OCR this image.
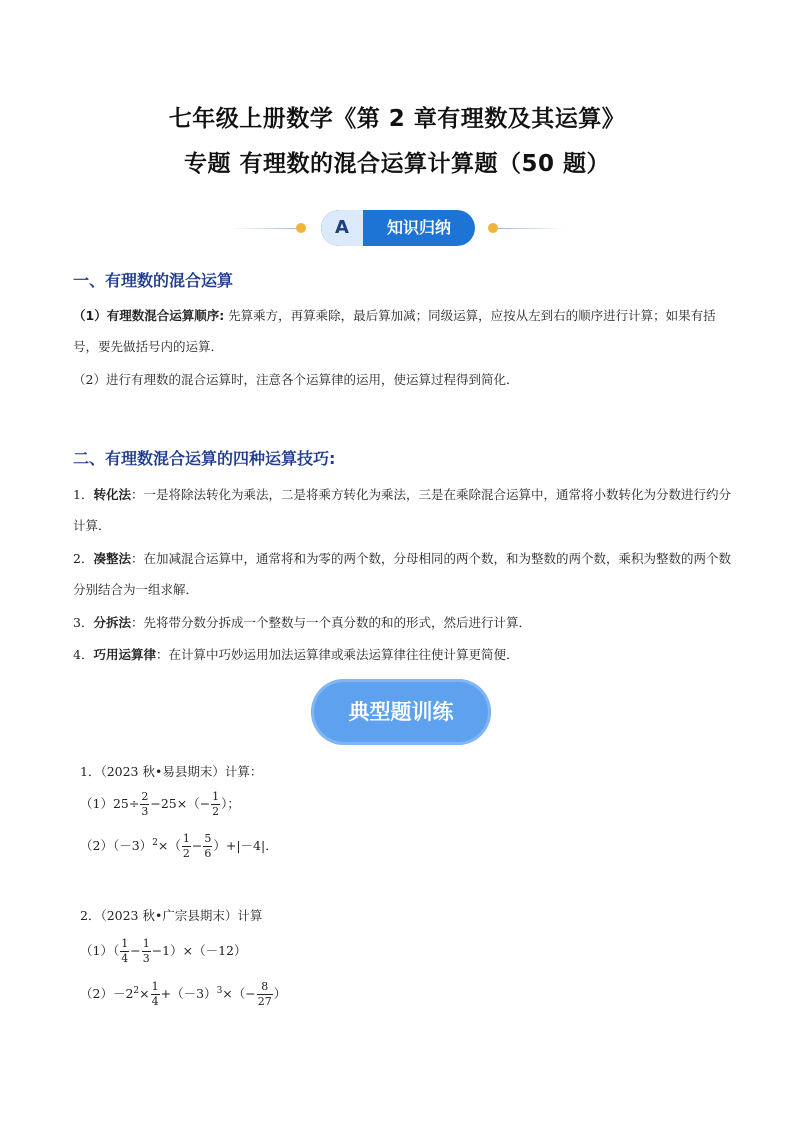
七年级上册数学《第 2 章有理数及其运算》
专题 有理数的混合运算计算题（50 题）
A	知识归纳
一、有理数的混合运算
（1）有理数混合运算顺序: 先算乘方，再算乘除，最后算加减；同级运算，应按从左到右的顺序进行计算；如果有括号，要先做括号内的运算．
（2）进行有理数的混合运算时，注意各个运算律的运用，使运算过程得到简化．
二、有理数混合运算的四种运算技巧:
1．转化法：一是将除法转化为乘法，二是将乘方转化为乘法，三是在乘除混合运算中，通常将小数转化为分数进行约分计算．
2．凑整法：在加减混合运算中，通常将和为零的两个数，分母相同的两个数，和为整数的两个数，乘积为整数的两个数分别结合为一组求解．
3．分拆法：先将带分数分拆成一个整数与一个真分数的和的形式，然后进行计算．
4．巧用运算律：在计算中巧妙运用加法运算律或乘法运算律往往使计算更简便．
典型题训练
1．（2023 秋•易县期末）计算：
$(1)25\div \frac{2}{3} -25\times(- \frac{1}{2}$ ）；
$(2)(-3)^2\times( \frac{1}{2} - \frac{5}{6} )+|-4|$．
2．（2023 秋•广宗县期末）计算
$(1)( \frac{1}{4} - \frac{1}{3} -1)\times(-12)$
$(2)-2^2\times \frac{1}{4} +(-3)^3\times(- \frac{8}{27}$ ）
